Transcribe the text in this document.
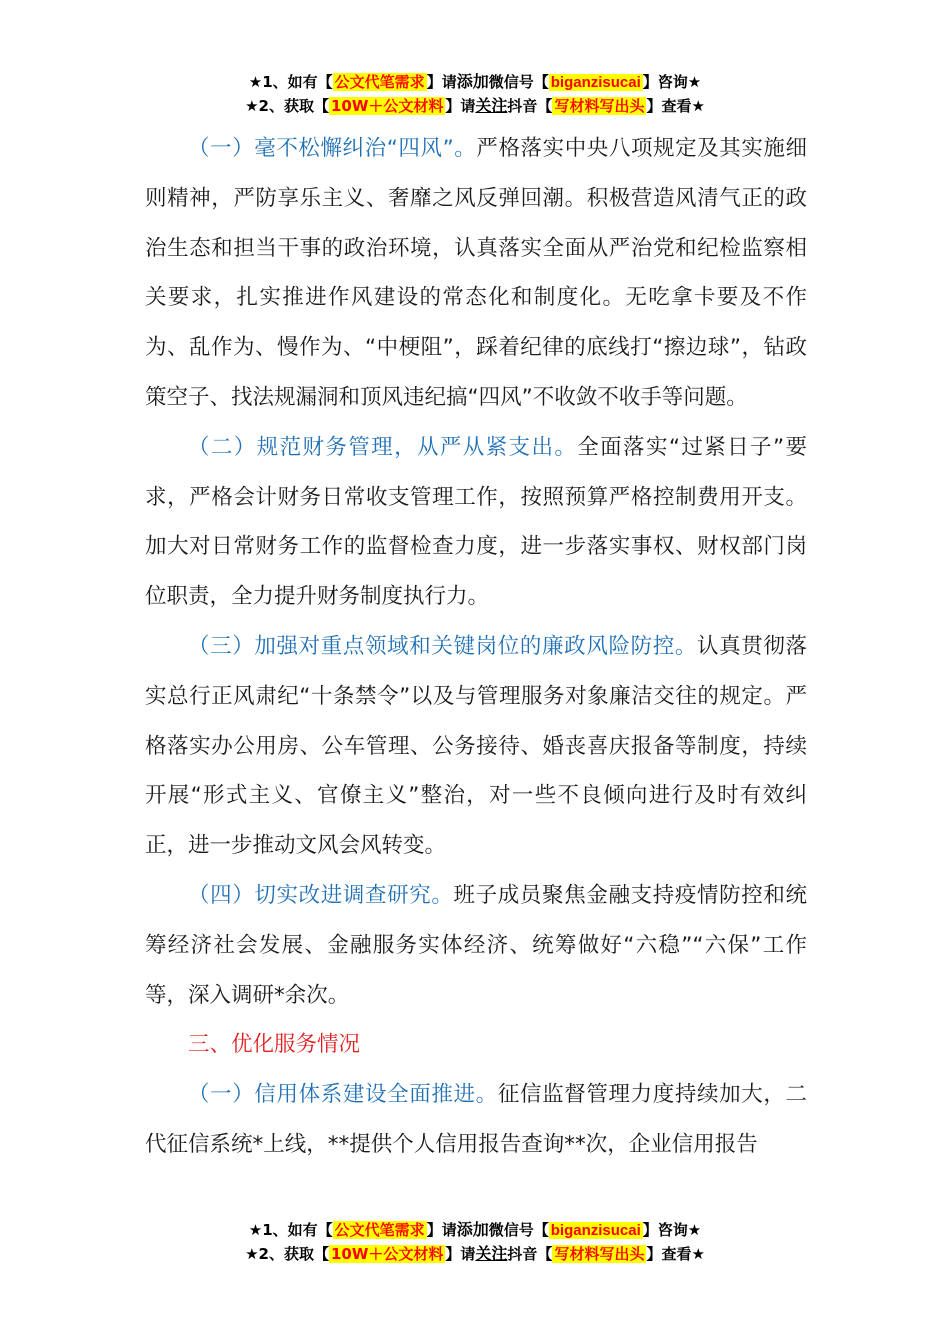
★1、如有【 公文代笔需求 】请添加微信号【 biganzisucai 】咨询★
★2、获取【 10W＋公文材料 】请关注抖音【 写材料写出头 】查看★

（一）毫不松懈纠治“四风”。严格落实中央八项规定及其实施细则精神，严防享乐主义、奢靡之风反弹回潮。积极营造风清气正的政治生态和担当干事的政治环境，认真落实全面从严治党和纪检监察相关要求，扎实推进作风建设的常态化和制度化。无吃拿卡要及不作为、乱作为、慢作为、“中梗阻”，踩着纪律的底线打“擦边球”，钻政策空子、找法规漏洞和顶风违纪搞“四风”不收敛不收手等问题。

（二）规范财务管理，从严从紧支出。全面落实“过紧日子”要求，严格会计财务日常收支管理工作，按照预算严格控制费用开支。加大对日常财务工作的监督检查力度，进一步落实事权、财权部门岗位职责，全力提升财务制度执行力。

（三）加强对重点领域和关键岗位的廉政风险防控。认真贯彻落实总行正风肃纪“十条禁令”以及与管理服务对象廉洁交往的规定。严格落实办公用房、公车管理、公务接待、婚丧喜庆报备等制度，持续开展“形式主义、官僚主义”整治，对一些不良倾向进行及时有效纠正，进一步推动文风会风转变。

（四）切实改进调查研究。班子成员聚焦金融支持疫情防控和统筹经济社会发展、金融服务实体经济、统筹做好“六稳”“六保”工作等，深入调研*余次。

三、优化服务情况

（一）信用体系建设全面推进。征信监督管理力度持续加大，二代征信系统*上线，**提供个人信用报告查询**次，企业信用报告

★1、如有【 公文代笔需求 】请添加微信号【 biganzisucai 】咨询★
★2、获取【 10W＋公文材料 】请关注抖音【 写材料写出头 】查看★
